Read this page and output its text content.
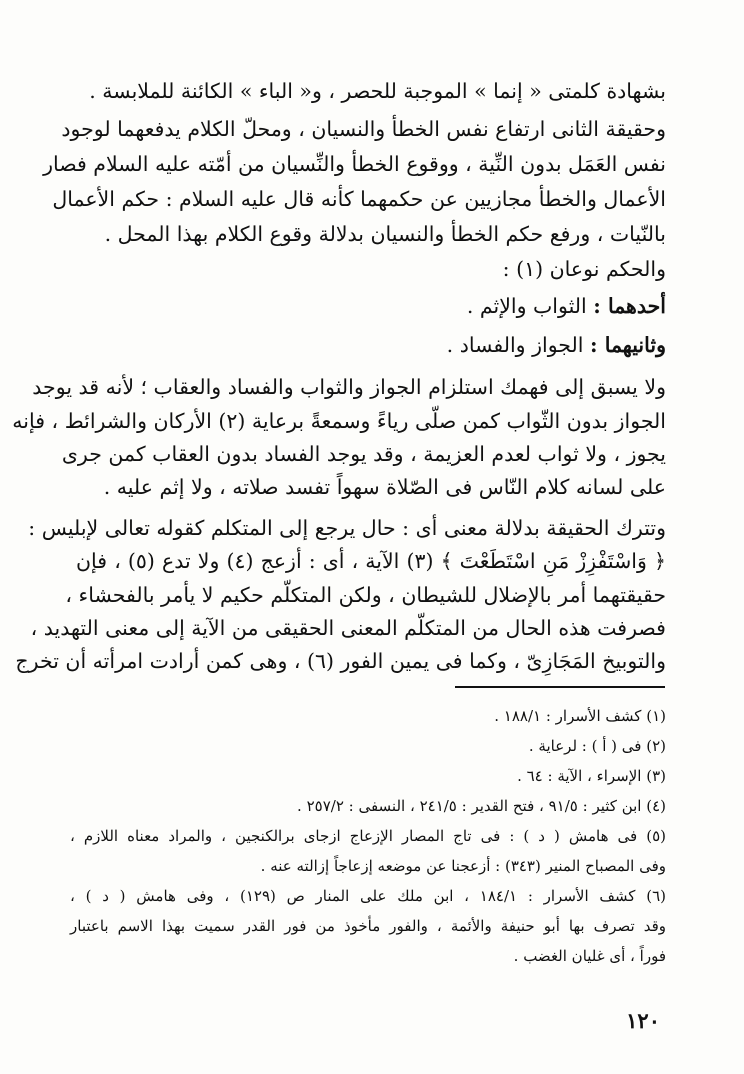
بشهادة كلمتى « إنما » الموجبة للحصر ، و« الباء » الكائنة للملابسة .
وحقيقة الثانى ارتفاع نفس الخطأ والنسيان ، ومحلّ الكلام يدفعهما لوجود
نفس العَمَل بدون النِّية ، ووقوع الخطأ والنِّسيان من أمّته عليه السلام فصار
الأعمال والخطأ مجازيين عن حكمهما كأنه قال عليه السلام : حكم الأعمال
بالنّيات ، ورفع حكم الخطأ والنسيان بدلالة وقوع الكلام بهذا المحل .
والحكم نوعان (١) :
أحدهما : الثواب والإثم .
وثانيهما : الجواز والفساد .
ولا يسبق إلى فهمك استلزام الجواز والثواب والفساد والعقاب ؛ لأنه قد يوجد
الجواز بدون الثّواب كمن صلّى رياءً وسمعةً برعاية (٢) الأركان والشرائط ، فإنه
يجوز ، ولا ثواب لعدم العزيمة ، وقد يوجد الفساد بدون العقاب كمن جرى
على لسانه كلام النّاس فى الصّلاة سهواً تفسد صلاته ، ولا إثم عليه .
وتترك الحقيقة بدلالة معنى أى : حال يرجع إلى المتكلم كقوله تعالى لإبليس :
﴿ وَاسْتَفْزِزْ مَنِ اسْتَطَعْتَ ﴾ (٣) الآية ، أى : أزعج (٤) ولا تدع (٥) ، فإن
حقيقتهما أمر بالإضلال للشيطان ، ولكن المتكلّم حكيم لا يأمر بالفحشاء ،
فصرفت هذه الحال من المتكلّم المعنى الحقيقى من الآية إلى معنى التهديد ،
والتوبيخ المَجَازِىّ ، وكما فى يمين الفور (٦) ، وهى كمن أرادت امرأته أن تخرج
(١) كشف الأسرار : ١٨٨/١ .
(٢) فى ( أ ) : لرعاية .
(٣) الإسراء ، الآية : ٦٤ .
(٤) ابن كثير : ٩١/٥ ، فتح القدير : ٢٤١/٥ ، النسفى : ٢٥٧/٢ .
(٥) فى هامش ( د ) : فى تاج المصار الإزعاج ازجاى برالكنجين ، والمراد معناه اللازم ،
وفى المصباح المنير (٣٤٣) : أزعجنا عن موضعه إزعاجاً إزالته عنه .
(٦) كشف الأسرار : ١٨٤/١ ، ابن ملك على المنار ص (١٢٩) ، وفى هامش ( د ) ،
وقد تصرف بها أبو حنيفة والأئمة ، والفور مأخوذ من فور القدر سميت بهذا الاسم باعتبار
فوراً ، أى غليان الغضب .
١٢٠
